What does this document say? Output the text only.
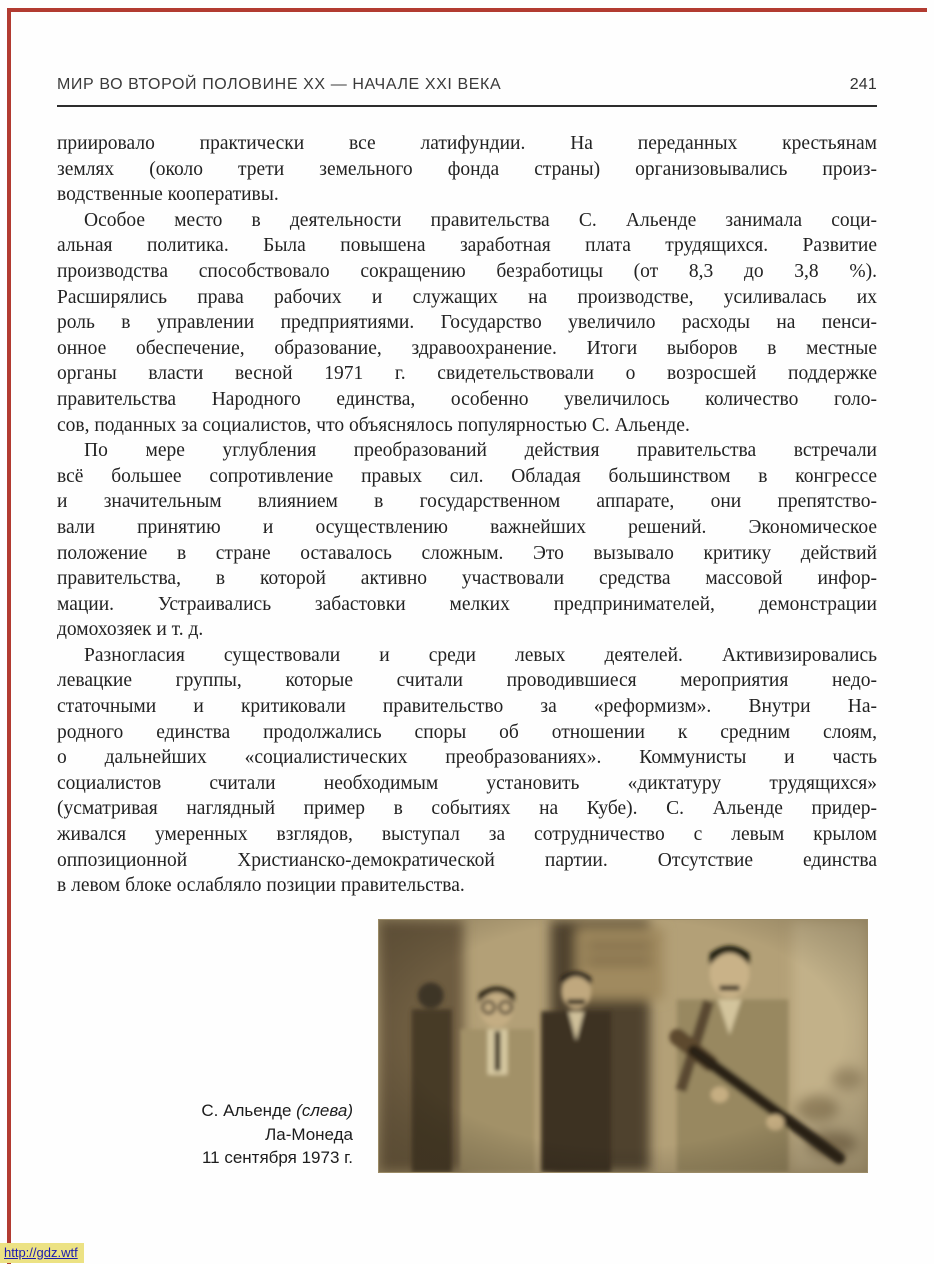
МИР ВО ВТОРОЙ ПОЛОВИНЕ XX — НАЧАЛЕ XXI ВЕКА	241
приировало практически все латифундии. На переданных крестьянам
землях (около трети земельного фонда страны) организовывались произ-
водственные кооперативы.
Особое место в деятельности правительства С. Альенде занимала соци-
альная политика. Была повышена заработная плата трудящихся. Развитие
производства способствовало сокращению безработицы (от 8,3 до 3,8 %).
Расширялись права рабочих и служащих на производстве, усиливалась их
роль в управлении предприятиями. Государство увеличило расходы на пенси-
онное обеспечение, образование, здравоохранение. Итоги выборов в местные
органы власти весной 1971 г. свидетельствовали о возросшей поддержке
правительства Народного единства, особенно увеличилось количество голо-
сов, поданных за социалистов, что объяснялось популярностью С. Альенде.
По мере углубления преобразований действия правительства встречали
всё большее сопротивление правых сил. Обладая большинством в конгрессе
и значительным влиянием в государственном аппарате, они препятство-
вали принятию и осуществлению важнейших решений. Экономическое
положение в стране оставалось сложным. Это вызывало критику действий
правительства, в которой активно участвовали средства массовой инфор-
мации. Устраивались забастовки мелких предпринимателей, демонстрации
домохозяек и т. д.
Разногласия существовали и среди левых деятелей. Активизировались
левацкие группы, которые считали проводившиеся мероприятия недо-
статочными и критиковали правительство за «реформизм». Внутри На-
родного единства продолжались споры об отношении к средним слоям,
о дальнейших «социалистических преобразованиях». Коммунисты и часть
социалистов считали необходимым установить «диктатуру трудящихся»
(усматривая наглядный пример в событиях на Кубе). С. Альенде придер-
живался умеренных взглядов, выступал за сотрудничество с левым крылом
оппозиционной Христианско-демократической партии. Отсутствие единства
в левом блоке ослабляло позиции правительства.
С. Альенде (слева)
Ла-Монеда
11 сентября 1973 г.
http://gdz.wtf
